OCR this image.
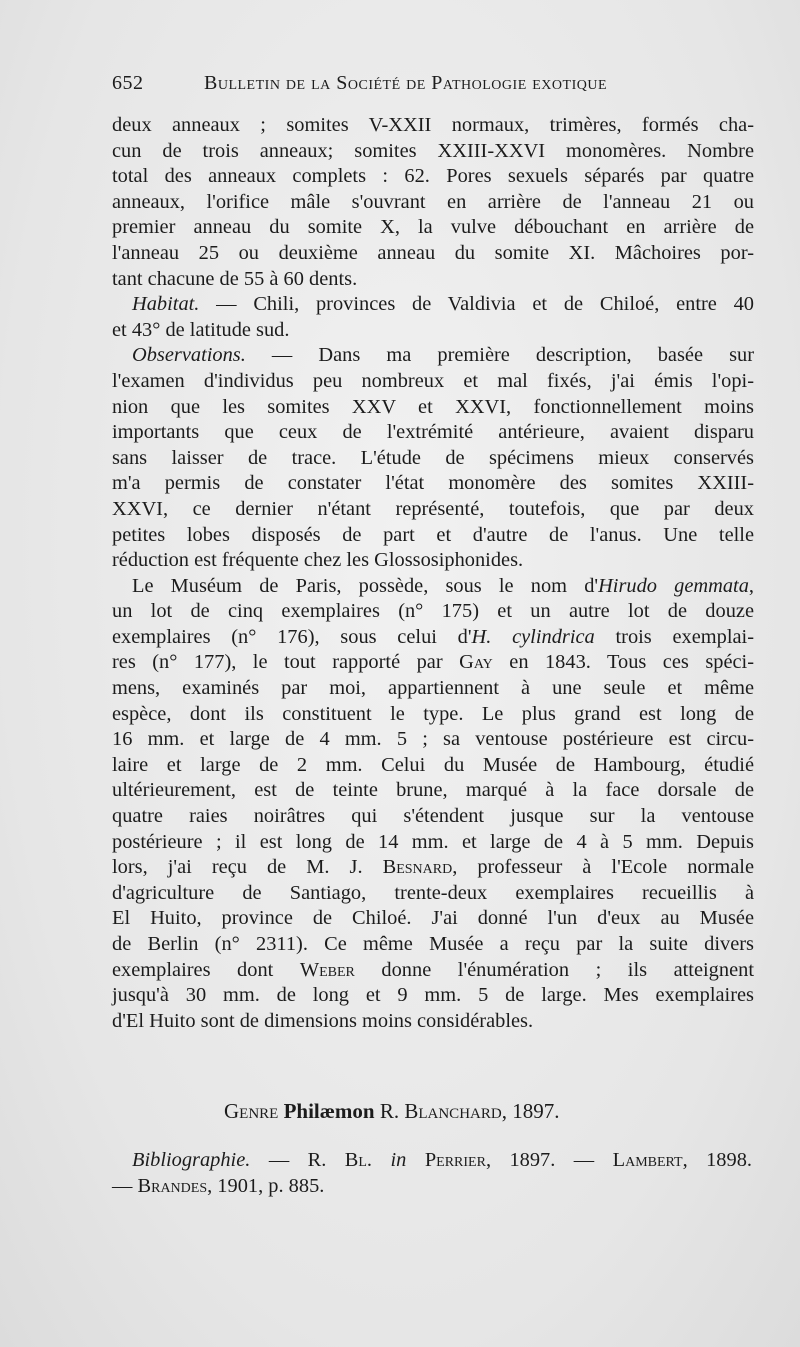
652	Bulletin de la Société de Pathologie exotique
deux anneaux ; somites V-XXII normaux, trimères, formés cha-
cun de trois anneaux; somites XXIII-XXVI monomères. Nombre
total des anneaux complets : 62. Pores sexuels séparés par quatre
anneaux, l'orifice mâle s'ouvrant en arrière de l'anneau 21 ou
premier anneau du somite X, la vulve débouchant en arrière de
l'anneau 25 ou deuxième anneau du somite XI. Mâchoires por-
tant chacune de 55 à 60 dents.
Habitat. — Chili, provinces de Valdivia et de Chiloé, entre 40
et 43° de latitude sud.
Observations. — Dans ma première description, basée sur
l'examen d'individus peu nombreux et mal fixés, j'ai émis l'opi-
nion que les somites XXV et XXVI, fonctionnellement moins
importants que ceux de l'extrémité antérieure, avaient disparu
sans laisser de trace. L'étude de spécimens mieux conservés
m'a permis de constater l'état monomère des somites XXIII-
XXVI, ce dernier n'étant représenté, toutefois, que par deux
petites lobes disposés de part et d'autre de l'anus. Une telle
réduction est fréquente chez les Glossosiphonides.
Le Muséum de Paris, possède, sous le nom d'Hirudo gemmata,
un lot de cinq exemplaires (n° 175) et un autre lot de douze
exemplaires (n° 176), sous celui d'H. cylindrica trois exemplai-
res (n° 177), le tout rapporté par Gay en 1843. Tous ces spéci-
mens, examinés par moi, appartiennent à une seule et même
espèce, dont ils constituent le type. Le plus grand est long de
16 mm. et large de 4 mm. 5 ; sa ventouse postérieure est circu-
laire et large de 2 mm. Celui du Musée de Hambourg, étudié
ultérieurement, est de teinte brune, marqué à la face dorsale de
quatre raies noirâtres qui s'étendent jusque sur la ventouse
postérieure ; il est long de 14 mm. et large de 4 à 5 mm. Depuis
lors, j'ai reçu de M. J. Besnard, professeur à l'Ecole normale
d'agriculture de Santiago, trente-deux exemplaires recueillis à
El Huito, province de Chiloé. J'ai donné l'un d'eux au Musée
de Berlin (n° 2311). Ce même Musée a reçu par la suite divers
exemplaires dont Weber donne l'énumération ; ils atteignent
jusqu'à 30 mm. de long et 9 mm. 5 de large. Mes exemplaires
d'El Huito sont de dimensions moins considérables.
Genre Philæmon R. Blanchard, 1897.
Bibliographie. — R. Bl. in Perrier, 1897. — Lambert, 1898.
— Brandes, 1901, p. 885.
